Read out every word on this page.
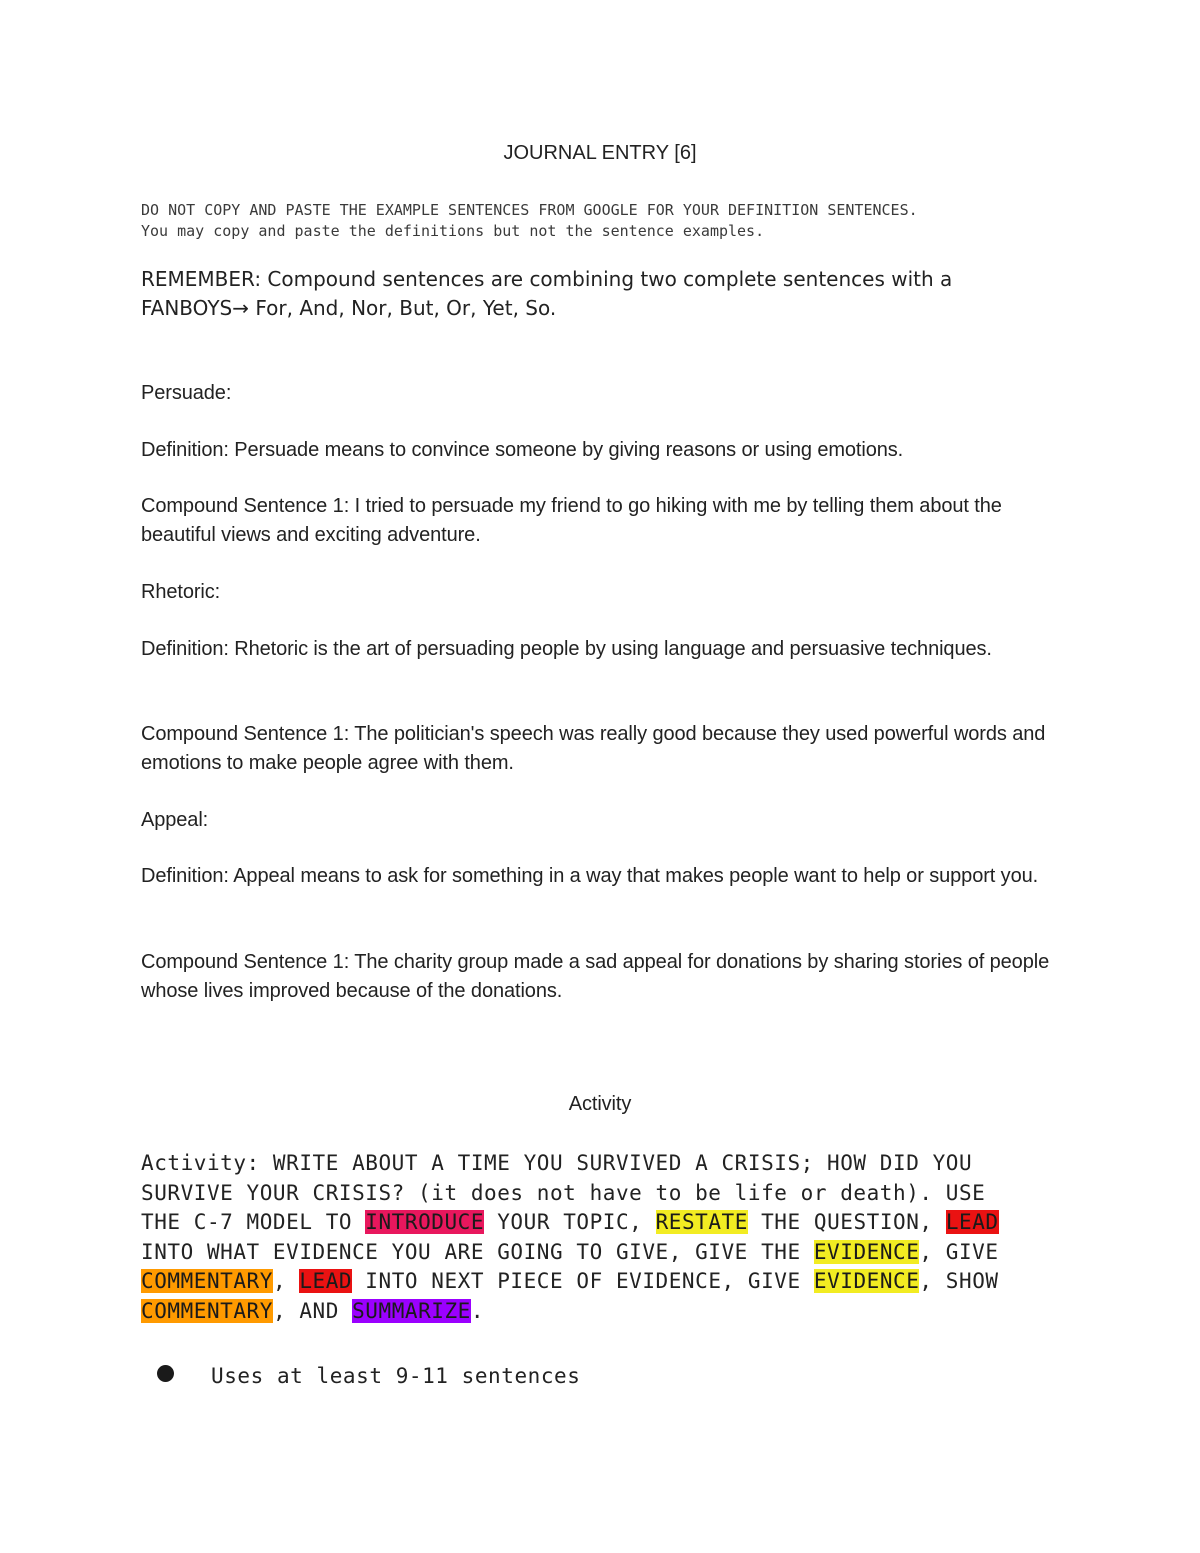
JOURNAL ENTRY [6]

DO NOT COPY AND PASTE THE EXAMPLE SENTENCES FROM GOOGLE FOR YOUR DEFINITION SENTENCES.

You may copy and paste the definitions but not the sentence examples.

REMEMBER: Compound sentences are combining two complete sentences with a FANBOYS→ For, And, Nor, But, Or, Yet, So.

Persuade:

Definition: Persuade means to convince someone by giving reasons or using emotions.

Compound Sentence 1: I tried to persuade my friend to go hiking with me by telling them about the beautiful views and exciting adventure.

Rhetoric:

Definition: Rhetoric is the art of persuading people by using language and persuasive techniques.

Compound Sentence 1: The politician's speech was really good because they used powerful words and emotions to make people agree with them.

Appeal:

Definition: Appeal means to ask for something in a way that makes people want to help or support you.

Compound Sentence 1: The charity group made a sad appeal for donations by sharing stories of people whose lives improved because of the donations.

Activity

Activity: WRITE ABOUT A TIME YOU SURVIVED A CRISIS; HOW DID YOU
SURVIVE YOUR CRISIS? (it does not have to be life or death). USE
THE C-7 MODEL TO INTRODUCE YOUR TOPIC, RESTATE THE QUESTION, LEAD
INTO WHAT EVIDENCE YOU ARE GOING TO GIVE, GIVE THE EVIDENCE, GIVE
COMMENTARY, LEAD INTO NEXT PIECE OF EVIDENCE, GIVE EVIDENCE, SHOW
COMMENTARY, AND SUMMARIZE.
Uses at least 9-11 sentences
